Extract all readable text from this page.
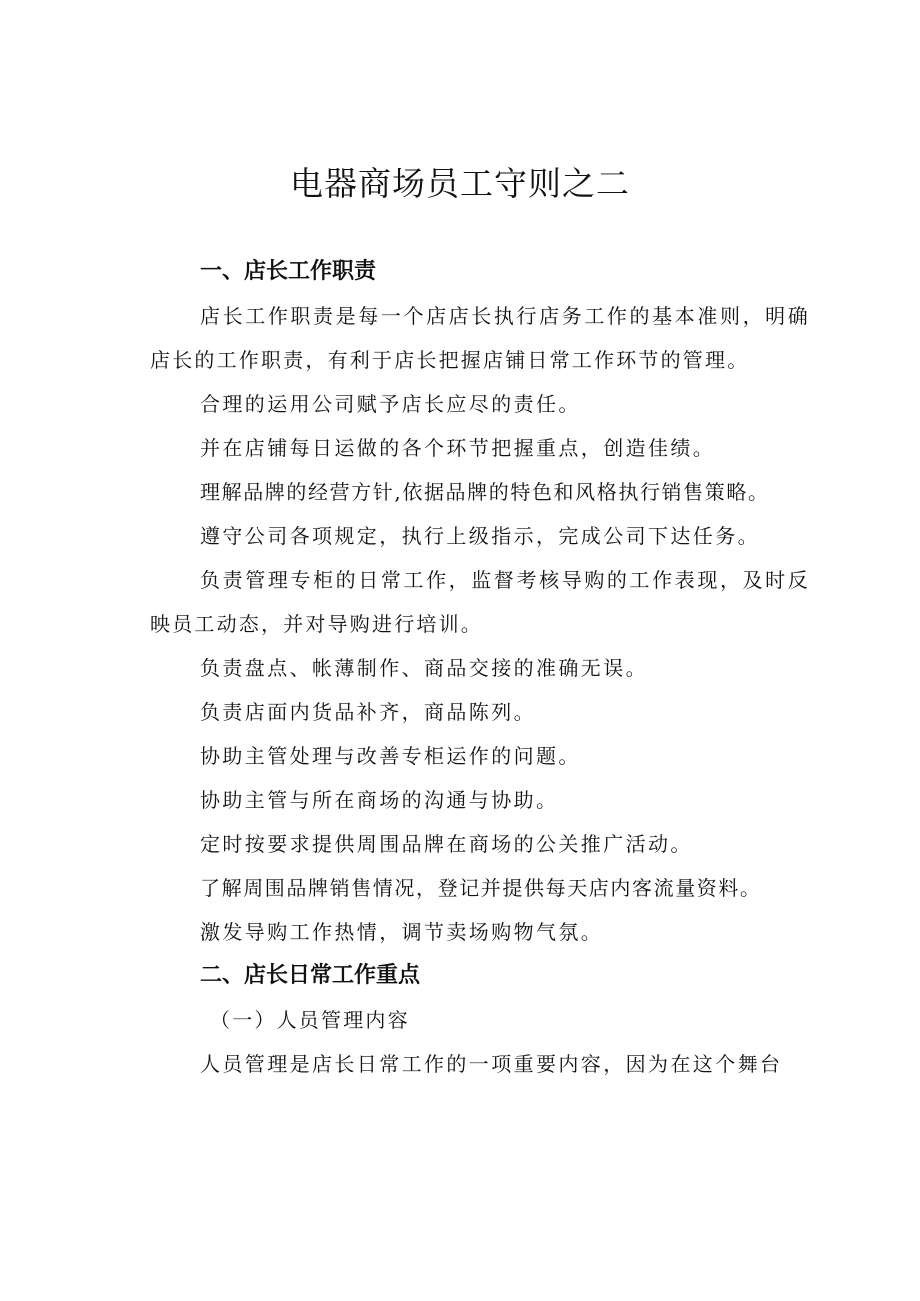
电器商场员工守则之二
一、店长工作职责
店长工作职责是每一个店店长执行店务工作的基本准则，明确店长的工作职责，有利于店长把握店铺日常工作环节的管理。
合理的运用公司赋予店长应尽的责任。
并在店铺每日运做的各个环节把握重点，创造佳绩。
理解品牌的经营方针,依据品牌的特色和风格执行销售策略。
遵守公司各项规定，执行上级指示，完成公司下达任务。
负责管理专柜的日常工作，监督考核导购的工作表现，及时反映员工动态，并对导购进行培训。
负责盘点、帐薄制作、商品交接的准确无误。
负责店面内货品补齐，商品陈列。
协助主管处理与改善专柜运作的问题。
协助主管与所在商场的沟通与协助。
定时按要求提供周围品牌在商场的公关推广活动。
了解周围品牌销售情况，登记并提供每天店内客流量资料。
激发导购工作热情，调节卖场购物气氛。
二、店长日常工作重点
（一）人员管理内容
人员管理是店长日常工作的一项重要内容，因为在这个舞台
